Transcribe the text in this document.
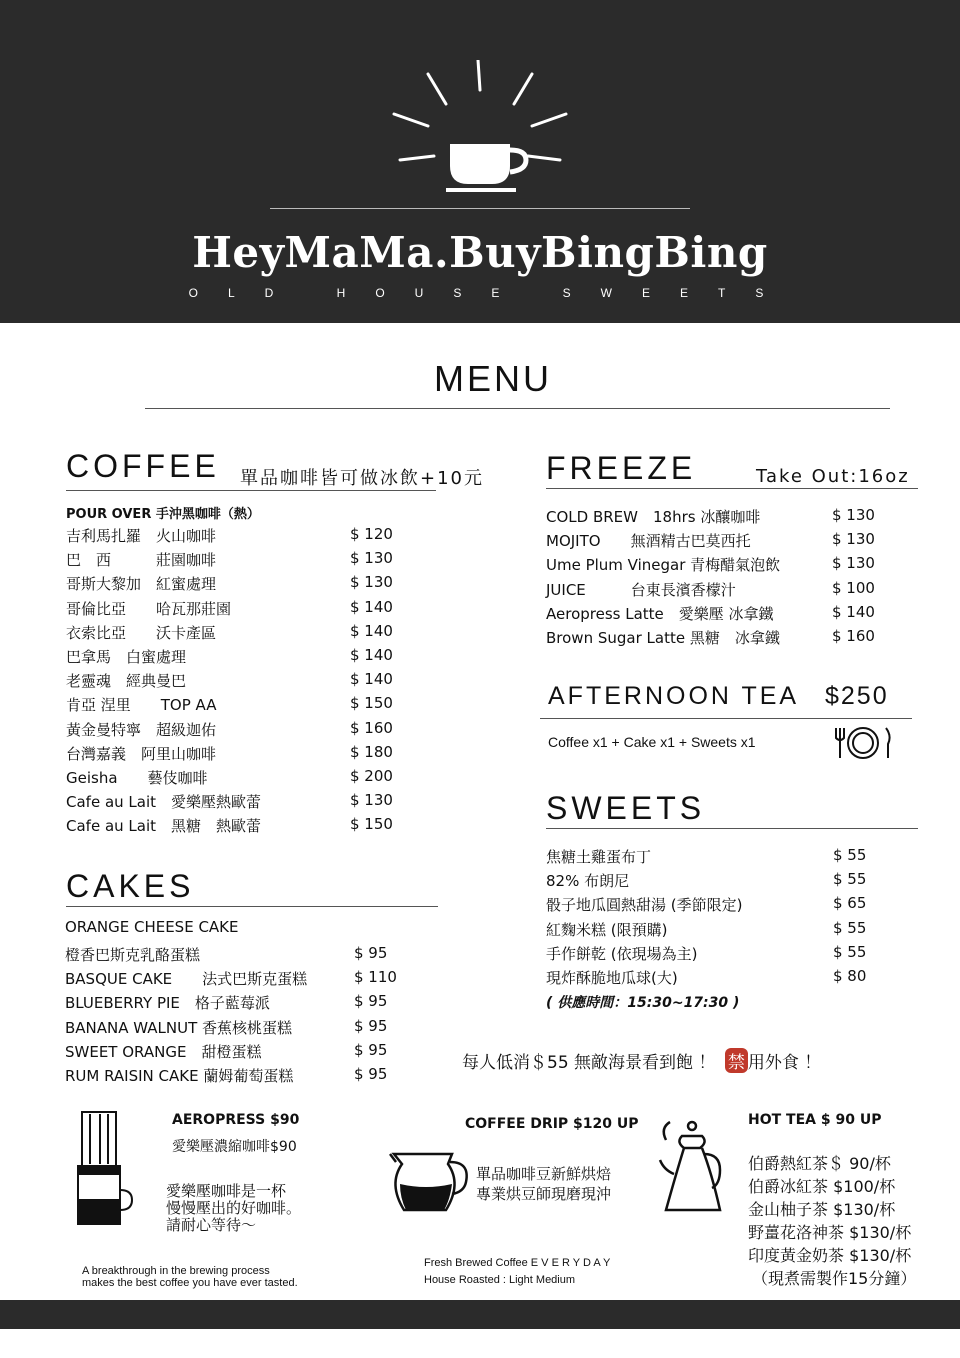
HeyMaMa.BuyBingBing
OLD HOUSE SWEETS
MENU
COFFEE 單品咖啡皆可做冰飲+10元
POUR OVER 手沖黑咖啡（熱）
吉利馬扎羅　火山咖啡	$ 120
巴　西　　　莊園咖啡	$ 130
哥斯大黎加　紅蜜處理	$ 130
哥倫比亞　　哈瓦那莊園	$ 140
衣索比亞　　沃卡產區	$ 140
巴拿馬　白蜜處理	$ 140
老靈魂　經典曼巴	$ 140
肯亞 涅里　　TOP AA	$ 150
黃金曼特寧　超級迦佑	$ 160
台灣嘉義　阿里山咖啡	$ 180
Geisha　　藝伎咖啡	$ 200
Cafe au Lait　愛樂壓熱歐蕾	$ 130
Cafe au Lait　黑糖　熱歐蕾	$ 150
CAKES
ORANGE CHEESE CAKE
橙香巴斯克乳酪蛋糕	$ 95
BASQUE CAKE　　法式巴斯克蛋糕	$ 110
BLUEBERRY PIE　格子藍莓派	$ 95
BANANA WALNUT 香蕉核桃蛋糕	$ 95
SWEET ORANGE　甜橙蛋糕	$ 95
RUM RAISIN CAKE 蘭姆葡萄蛋糕	$ 95
FREEZE	Take Out:16oz
COLD BREW　18hrs 冰釀咖啡	$ 130
MOJITO　　無酒精古巴莫西托	$ 130
Ume Plum Vinegar 青梅醋氣泡飲	$ 130
JUICE　　　台東長濱香檬汁	$ 100
Aeropress Latte　愛樂壓 冰拿鐵	$ 140
Brown Sugar Latte 黑糖　冰拿鐵	$ 160
AFTERNOON TEA $250
Coffee x1 + Cake x1 + Sweets x1
SWEETS
焦糖土雞蛋布丁	$ 55
82% 布朗尼	$ 55
骰子地瓜圓熱甜湯 (季節限定)	$ 65
紅麴米糕 (限預購)	$ 55
手作餅乾 (依現場為主)	$ 55
現炸酥脆地瓜球(大)	$ 80
( 供應時間：15:30~17:30 )
每人低消＄55 無敵海景看到飽 ！ 禁 用外食 ！
AEROPRESS $90
愛樂壓濃縮咖啡$90
愛樂壓咖啡是一杯
慢慢壓出的好咖啡。
請耐心等待～
A breakthrough in the brewing process
makes the best coffee you have ever tasted.
COFFEE DRIP $120 UP
單品咖啡豆新鮮烘焙
專業烘豆師現磨現沖
Fresh Brewed Coffee E V E R Y D A Y
House Roasted : Light Medium
HOT TEA $ 90 UP
伯爵熱紅茶＄ 90/杯
伯爵冰紅茶 $100/杯
金山柚子茶 $130/杯
野薑花洛神茶 $130/杯
印度黃金奶茶 $130/杯
（現煮需製作15分鐘）
